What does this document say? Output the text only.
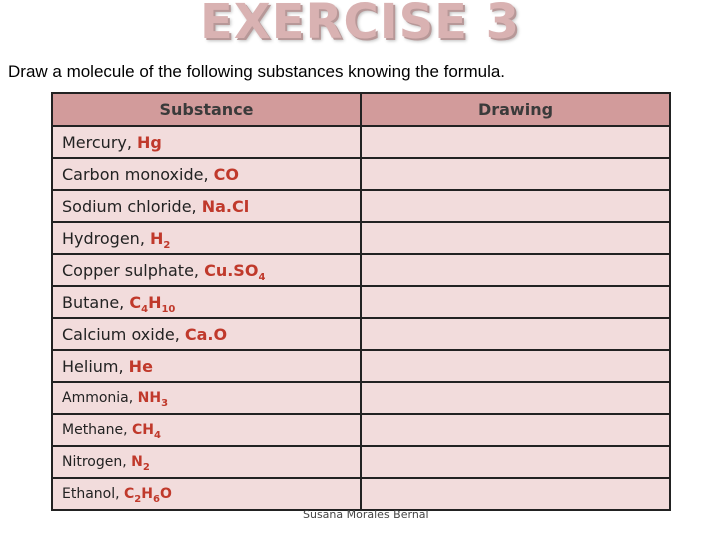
EXERCISE 3
Draw a molecule of the following substances knowing the formula.
Substance	Drawing
Mercury, Hg	
Carbon monoxide, CO	
Sodium chloride, Na.Cl	
Hydrogen, $H_2$	
Copper sulphate, $Cu.SO_4$	
Butane, $C_4H_{10}$	
Calcium oxide, Ca.O	
Helium, He	
Ammonia, $NH_3$	
Methane, $CH_4$	
Nitrogen, $N_2$	
Ethanol, $C_2H_6O$	
Susana Morales Bernal
